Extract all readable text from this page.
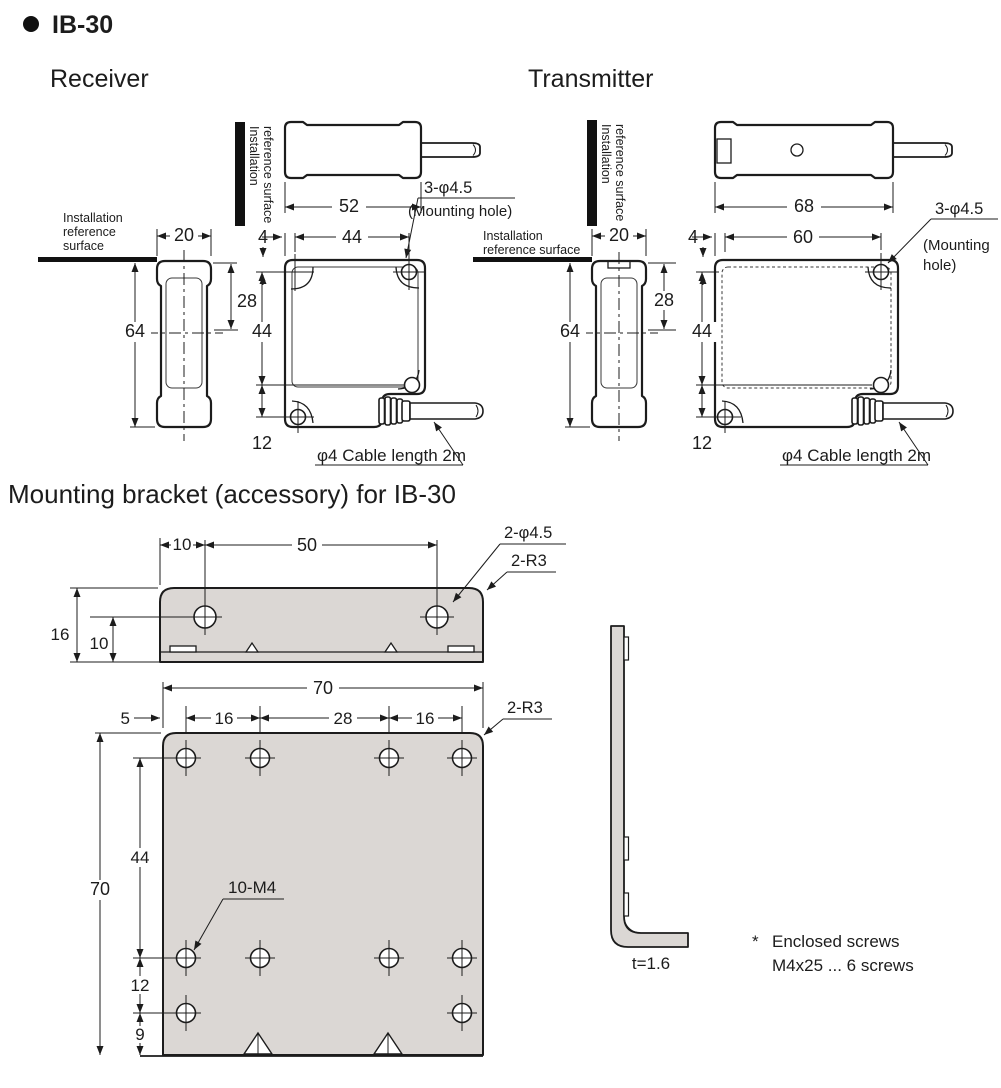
IB-30
Receiver	Transmitter
Installation reference surface	52
Installation
reference
surface
20
64
28
4	44
44
12
3-φ4.5
(Mounting hole)
φ4 Cable length 2m
Installation reference surface	68
Installation
reference surface
20
64
28
4	60
44
12
3-φ4.5
(Mounting
hole)
φ4 Cable length 2m
Mounting bracket (accessory) for IB-30
10	50
16 10
2-φ4.5
2-R3
70
5	16	28	16
2-R3
70
44
12
9
10-M4
t=1.6
* Enclosed screws
M4x25 ... 6 screws
